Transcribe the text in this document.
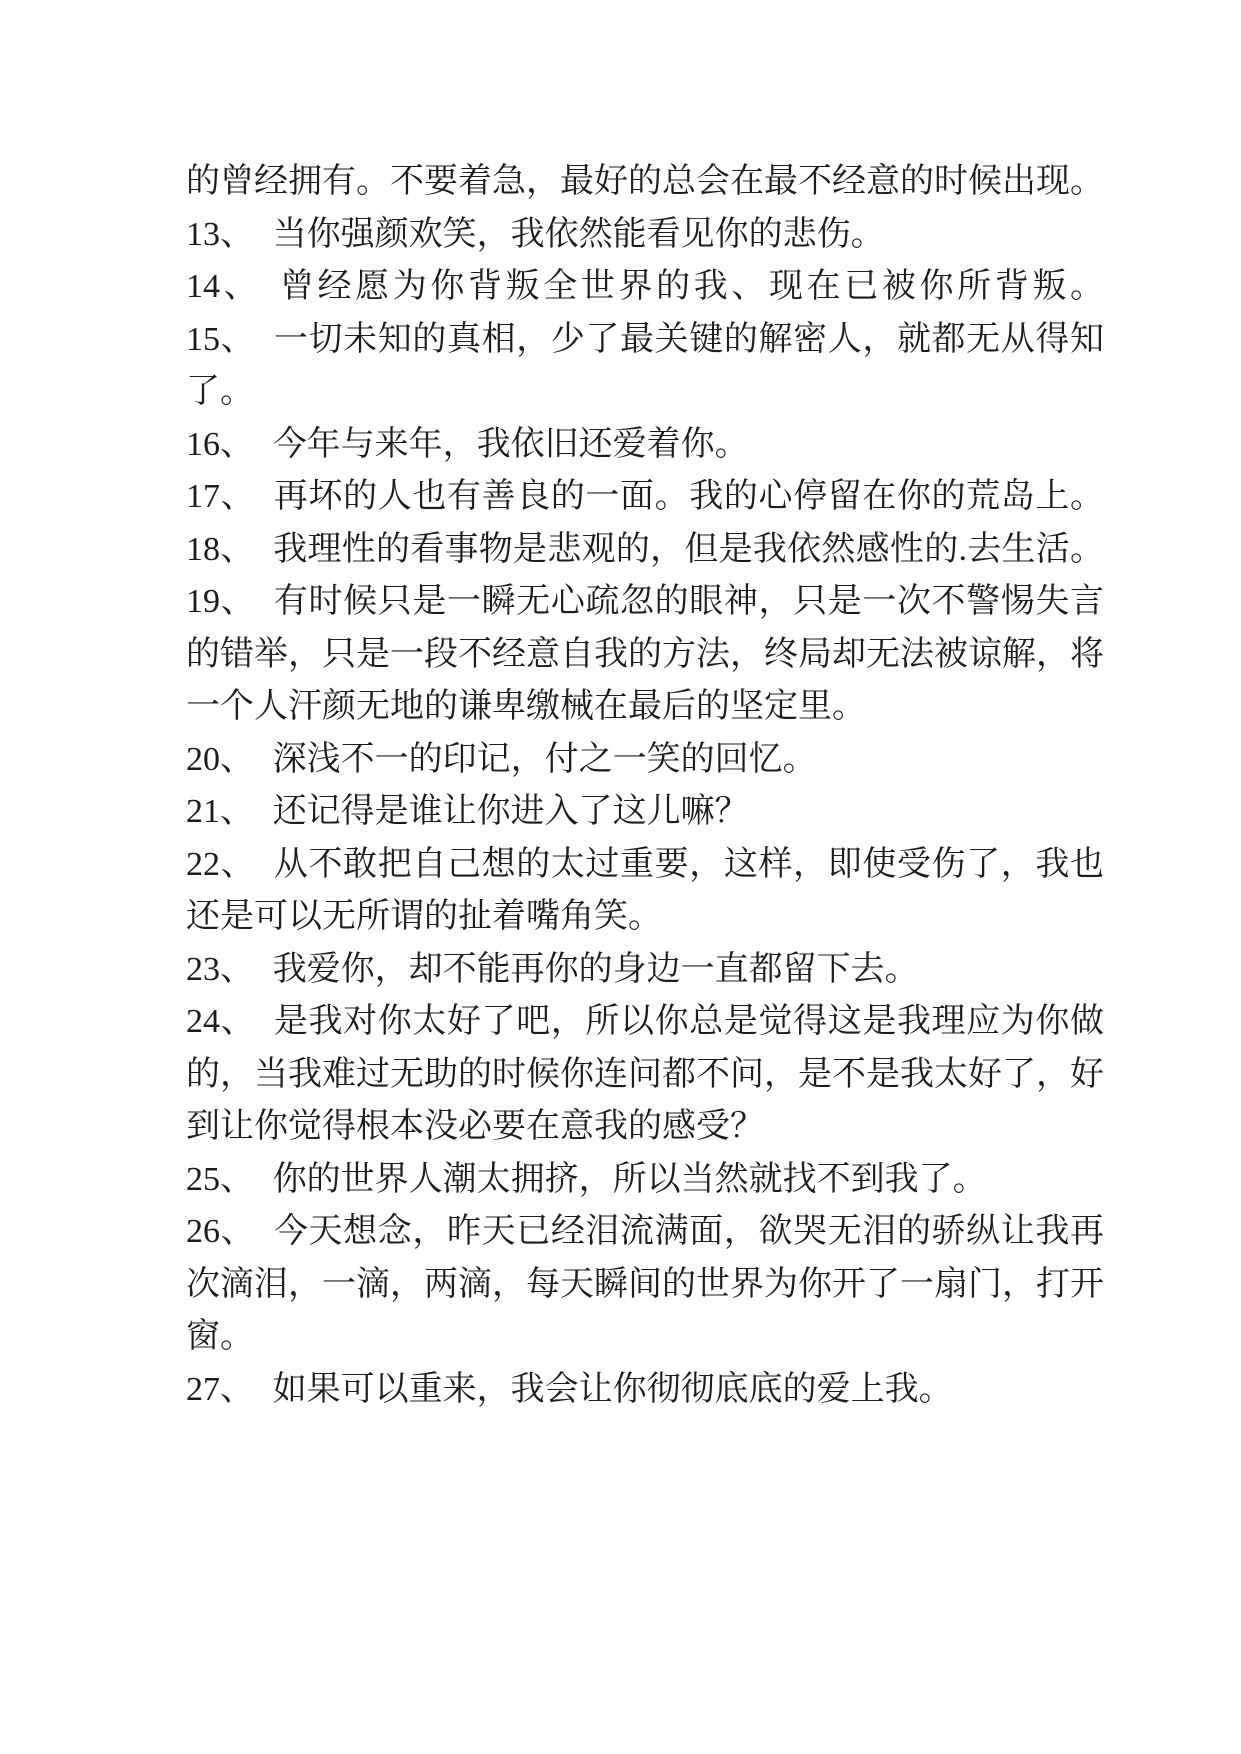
的曾经拥有。不要着急，最好的总会在最不经意的时候出现。

13、 当你强颜欢笑，我依然能看见你的悲伤。

14、 曾经愿为你背叛全世界的我、现在已被你所背叛。

15、 一切未知的真相，少了最关键的解密人，就都无从得知了。

16、 今年与来年，我依旧还爱着你。

17、 再坏的人也有善良的一面。我的心停留在你的荒岛上。

18、 我理性的看事物是悲观的，但是我依然感性的.去生活。

19、 有时候只是一瞬无心疏忽的眼神，只是一次不警惕失言的错举，只是一段不经意自我的方法，终局却无法被谅解，将一个人汗颜无地的谦卑缴械在最后的坚定里。

20、 深浅不一的印记，付之一笑的回忆。

21、 还记得是谁让你进入了这儿嘛？

22、 从不敢把自己想的太过重要，这样，即使受伤了，我也还是可以无所谓的扯着嘴角笑。

23、 我爱你，却不能再你的身边一直都留下去。

24、 是我对你太好了吧，所以你总是觉得这是我理应为你做的，当我难过无助的时候你连问都不问，是不是我太好了，好到让你觉得根本没必要在意我的感受？

25、 你的世界人潮太拥挤，所以当然就找不到我了。

26、 今天想念，昨天已经泪流满面，欲哭无泪的骄纵让我再次滴泪，一滴，两滴，每天瞬间的世界为你开了一扇门，打开窗。

27、 如果可以重来，我会让你彻彻底底的爱上我。
